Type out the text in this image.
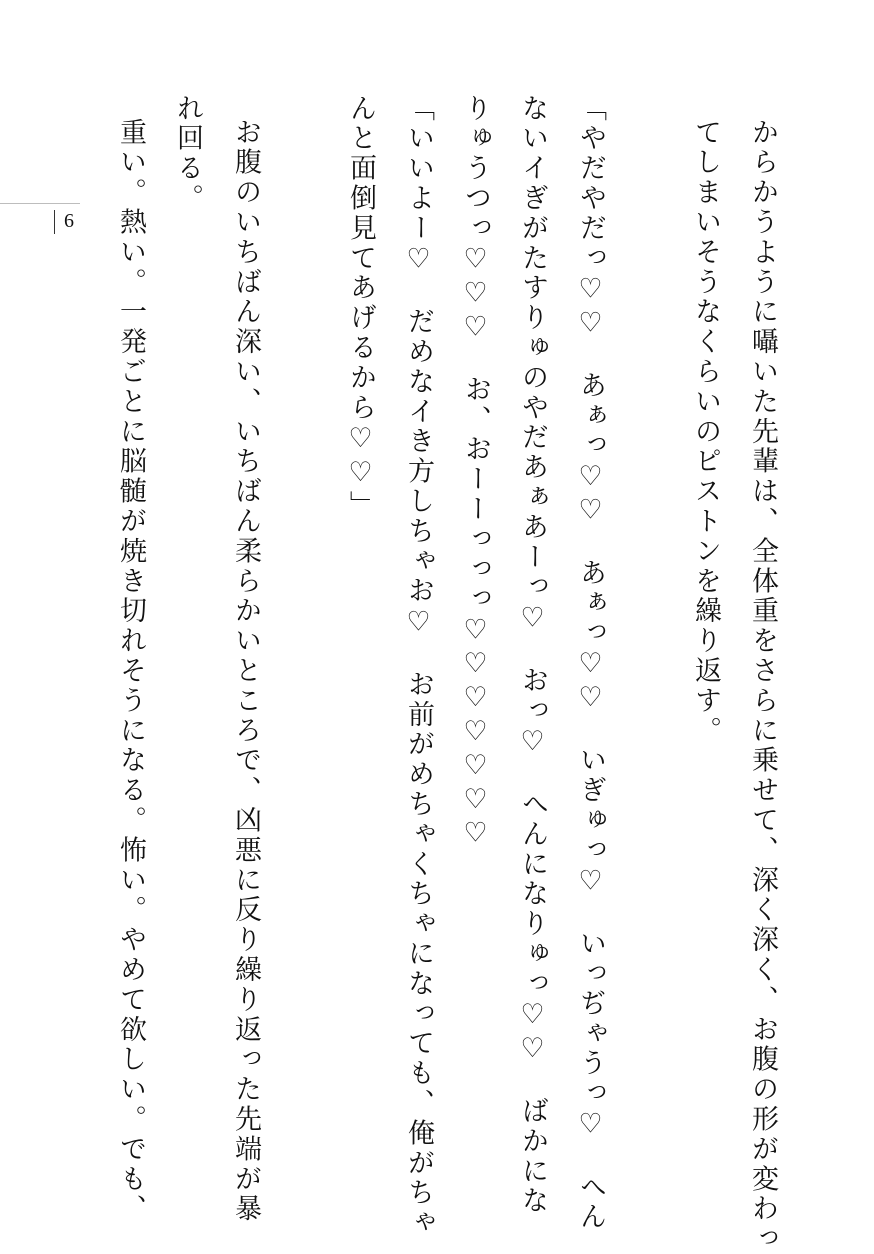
6	からかうように囁いた先輩は、全体重をさらに乗せて、深く深く、お腹の形が変わっ
てしまいそうなくらいのピストンを繰り返す。
「やだやだっ♡♡　あぁっ♡♡　あぁっ♡♡　いぎゅっ♡　いっぢゃうっ♡　へん
ないイぎがたすりゅのやだあぁあーっ♡　おっ♡　へんになりゅっ♡♡　ばかにな
りゅうつっ♡♡♡　お、おーーっっっ♡♡♡♡♡♡♡
「いいよー♡　だめなイき方しちゃお♡　お前がめちゃくちゃになっても、俺がちゃ
んと面倒見てあげるから♡♡」
お腹のいちばん深い、いちばん柔らかいところで、凶悪に反り繰り返った先端が暴
れ回る。
重い。熱い。一発ごとに脳髄が焼き切れそうになる。怖い。やめて欲しい。でも、
